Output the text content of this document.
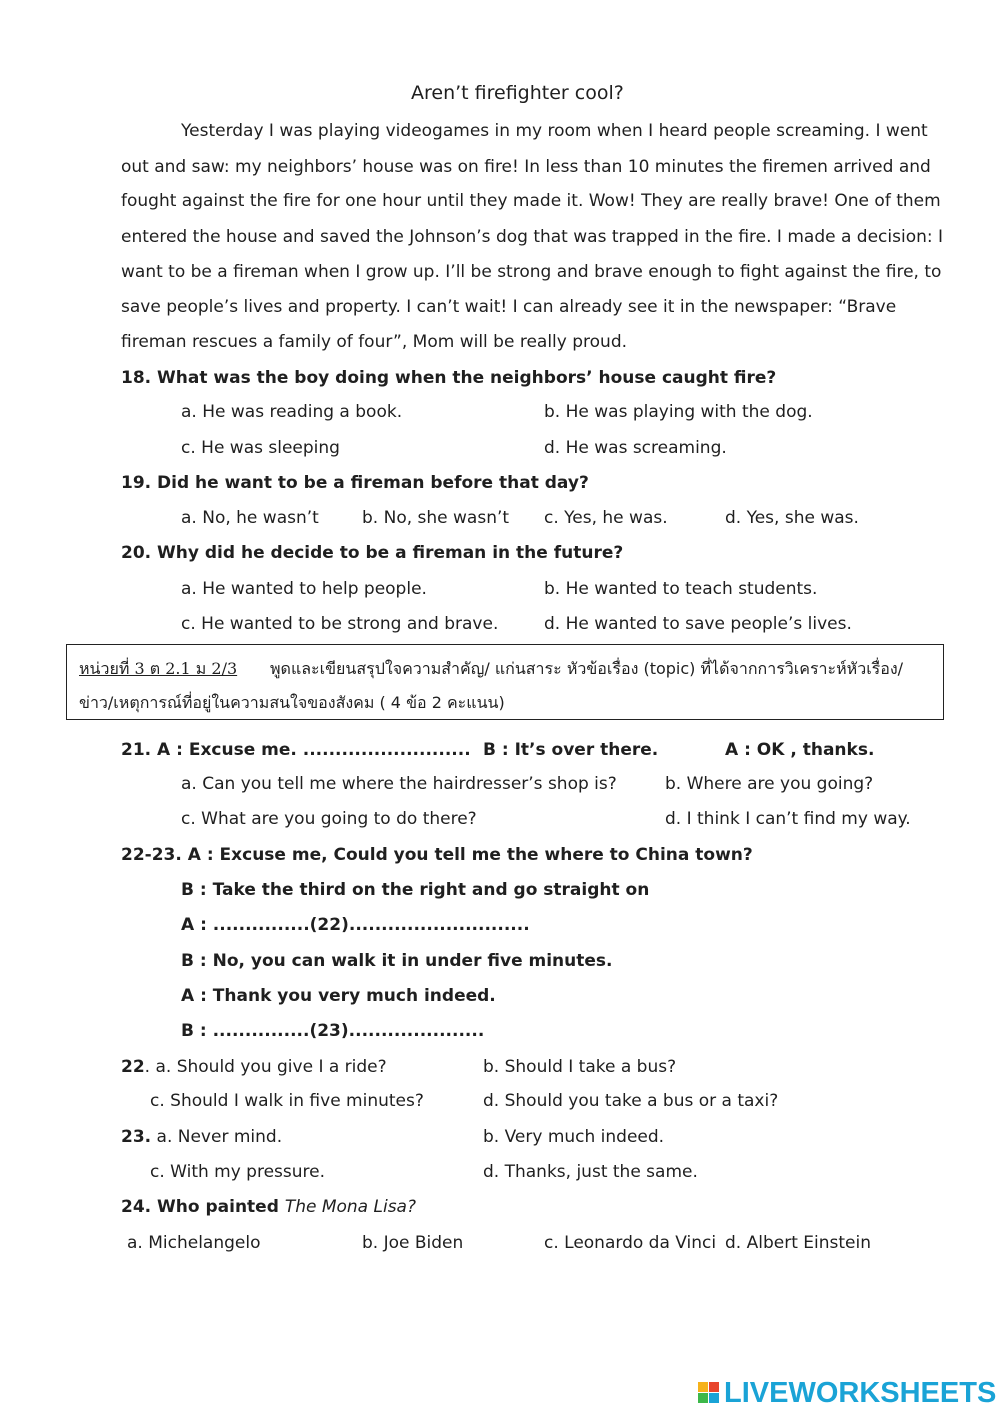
Aren’t firefighter cool?
Yesterday I was playing videogames in my room when I heard people screaming. I went
out and saw: my neighbors’ house was on fire! In less than 10 minutes the firemen arrived and
fought against the fire for one hour until they made it. Wow! They are really brave! One of them
entered the house and saved the Johnson’s dog that was trapped in the fire. I made a decision: I
want to be a fireman when I grow up. I’ll be strong and brave enough to fight against the fire, to
save people’s lives and property. I can’t wait! I can already see it in the newspaper: “Brave
fireman rescues a family of four”, Mom will be really proud.
18. What was the boy doing when the neighbors’ house caught fire?
a. He was reading a book.	b. He was playing with the dog.
c. He was sleeping	d. He was screaming.
19. Did he want to be a fireman before that day?
a. No, he wasn’t	b. No, she wasn’t c. Yes, he was.	d. Yes, she was.
20. Why did he decide to be a fireman in the future?
a. He wanted to help people.	b. He wanted to teach students.
c. He wanted to be strong and brave.	d. He wanted to save people’s lives.
หน่วยที่ 3 ต 2.1 ม 2/3 พูดและเขียนสรุปใจความสำคัญ/ แก่นสาระ หัวข้อเรื่อง (topic) ที่ได้จากการวิเคราะห์หัวเรื่อง/
ข่าว/เหตุการณ์ที่อยู่ในความสนใจของสังคม ( 4 ข้อ 2 คะแนน)
21. A : Excuse me. .......................... B : It’s over there.	A : OK , thanks.
a. Can you tell me where the hairdresser’s shop is?	b. Where are you going?
c. What are you going to do there?	d. I think I can’t find my way.
22-23. A : Excuse me, Could you tell me the where to China town?
B : Take the third on the right and go straight on
A : ...............(22)............................
B : No, you can walk it in under five minutes.
A : Thank you very much indeed.
B : ...............(23).....................
22. a. Should you give I a ride?	b. Should I take a bus?
c. Should I walk in five minutes?	d. Should you take a bus or a taxi?
23. a. Never mind.	b. Very much indeed.
c. With my pressure.	d. Thanks, just the same.
24. Who painted The Mona Lisa?
a. Michelangelo	b. Joe Biden	c. Leonardo da Vinci d. Albert Einstein
LIVEWORKSHEETS
